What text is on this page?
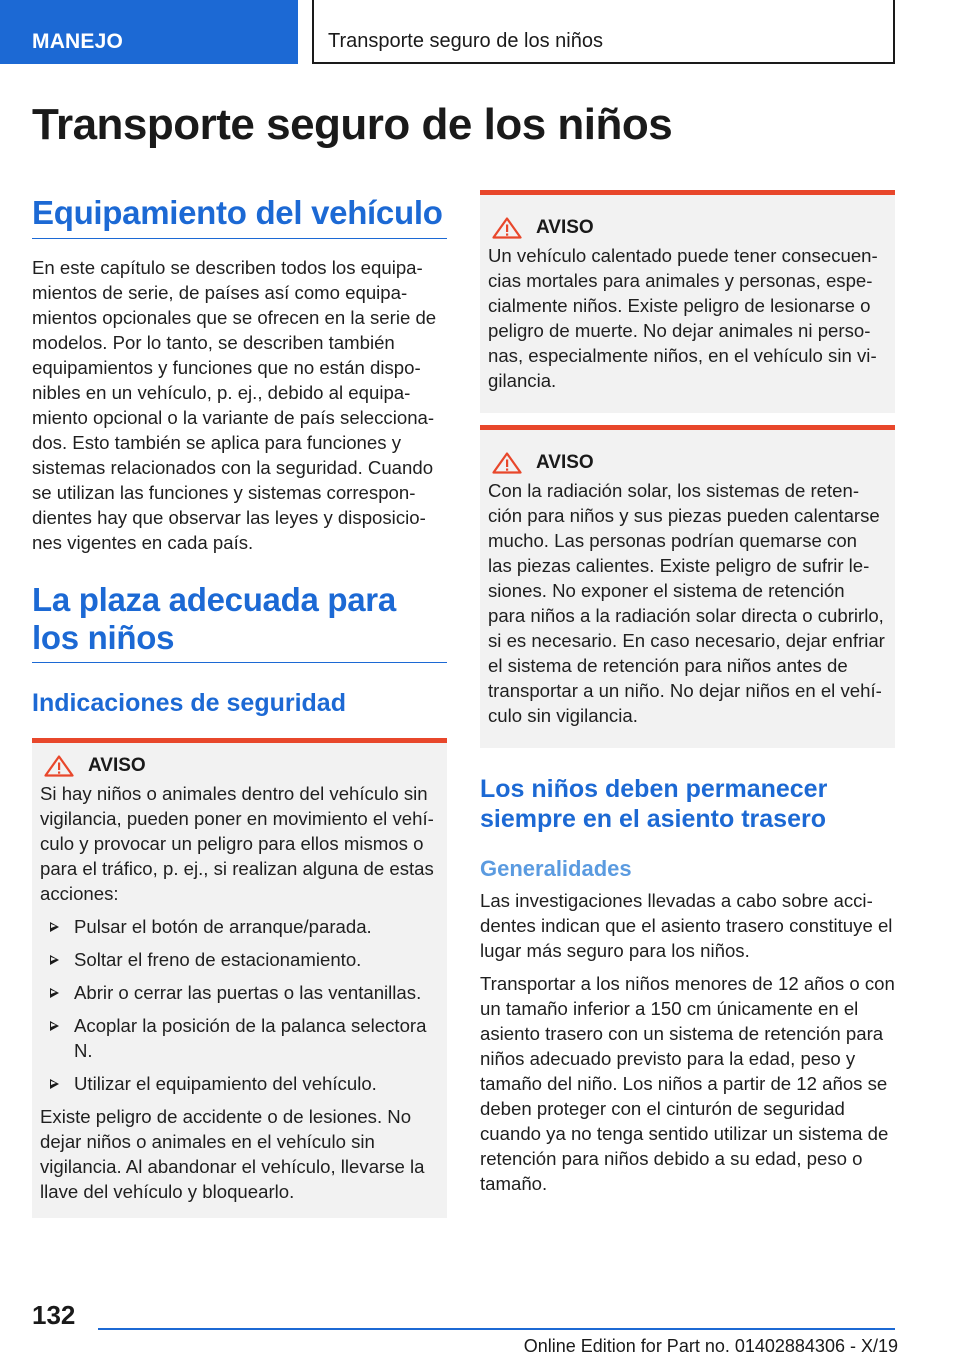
MANEJO	Transporte seguro de los niños
Transporte seguro de los niños
Equipamiento del vehículo

En este capítulo se describen todos los equipamientos de serie, de países así como equipamientos opcionales que se ofrecen en la serie de modelos. Por lo tanto, se describen también equipamientos y funciones que no están disponibles en un vehículo, p. ej., debido al equipamiento opcional o la variante de país seleccionados. Esto también se aplica para funciones y sistemas relacionados con la seguridad. Cuando se utilizan las funciones y sistemas correspondientes hay que observar las leyes y disposiciones vigentes en cada país.

La plaza adecuada para los niños
Indicaciones de seguridad
AVISO

Si hay niños o animales dentro del vehículo sin vigilancia, pueden poner en movimiento el vehículo y provocar un peligro para ellos mismos o para el tráfico, p. ej., si realizan alguna de estas acciones:

Pulsar el botón de arranque/parada.
Soltar el freno de estacionamiento.
Abrir o cerrar las puertas o las ventanillas.
Acoplar la posición de la palanca selectora N.
Utilizar el equipamiento del vehículo.

Existe peligro de accidente o de lesiones. No dejar niños o animales en el vehículo sin vigilancia. Al abandonar el vehículo, llevarse la llave del vehículo y bloquearlo.

AVISO

Un vehículo calentado puede tener consecuencias mortales para animales y personas, especialmente niños. Existe peligro de lesionarse o peligro de muerte. No dejar animales ni personas, especialmente niños, en el vehículo sin vigilancia.

AVISO

Con la radiación solar, los sistemas de retención para niños y sus piezas pueden calentarse mucho. Las personas podrían quemarse con las piezas calientes. Existe peligro de sufrir lesiones. No exponer el sistema de retención para niños a la radiación solar directa o cubrirlo, si es necesario. En caso necesario, dejar enfriar el sistema de retención para niños antes de transportar a un niño. No dejar niños en el vehículo sin vigilancia.

Los niños deben permanecer siempre en el asiento trasero
Generalidades

Las investigaciones llevadas a cabo sobre accidentes indican que el asiento trasero constituye el lugar más seguro para los niños.

Transportar a los niños menores de 12 años o con un tamaño inferior a 150 cm únicamente en el asiento trasero con un sistema de retención para niños adecuado previsto para la edad, peso y tamaño del niño. Los niños a partir de 12 años se deben proteger con el cinturón de seguridad cuando ya no tenga sentido utilizar un sistema de retención para niños debido a su edad, peso o tamaño.

132
Online Edition for Part no. 01402884306 - X/19
